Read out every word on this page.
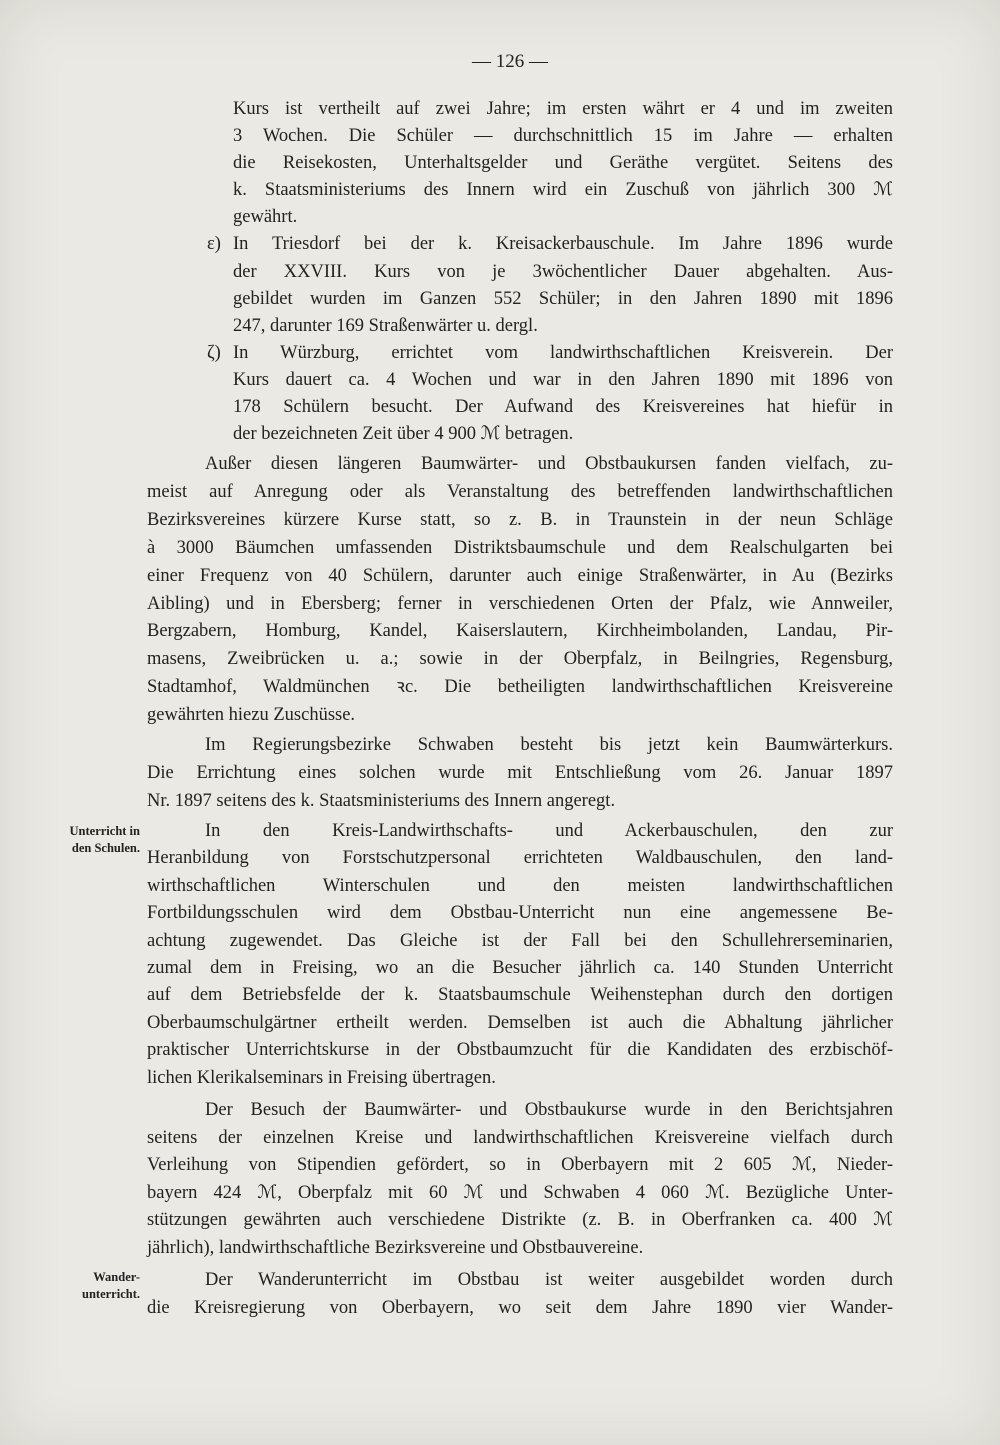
— 126 —
Kurs ist vertheilt auf zwei Jahre; im ersten währt er 4 und im zweiten
3 Wochen. Die Schüler — durchschnittlich 15 im Jahre — erhalten
die Reisekosten, Unterhaltsgelder und Geräthe vergütet. Seitens des
k. Staatsministeriums des Innern wird ein Zuschuß von jährlich 300 ℳ
gewährt.
ε) In Triesdorf bei der k. Kreisackerbauschule. Im Jahre 1896 wurde
der XXVIII. Kurs von je 3wöchentlicher Dauer abgehalten. Aus-
gebildet wurden im Ganzen 552 Schüler; in den Jahren 1890 mit 1896
247, darunter 169 Straßenwärter u. dergl.
ζ) In Würzburg, errichtet vom landwirthschaftlichen Kreisverein. Der
Kurs dauert ca. 4 Wochen und war in den Jahren 1890 mit 1896 von
178 Schülern besucht. Der Aufwand des Kreisvereines hat hiefür in
der bezeichneten Zeit über 4 900 ℳ betragen.
Außer diesen längeren Baumwärter- und Obstbaukursen fanden vielfach, zu-
meist auf Anregung oder als Veranstaltung des betreffenden landwirthschaftlichen
Bezirksvereines kürzere Kurse statt, so z. B. in Traunstein in der neun Schläge
à 3000 Bäumchen umfassenden Distriktsbaumschule und dem Realschulgarten bei
einer Frequenz von 40 Schülern, darunter auch einige Straßenwärter, in Au (Bezirks
Aibling) und in Ebersberg; ferner in verschiedenen Orten der Pfalz, wie Annweiler,
Bergzabern, Homburg, Kandel, Kaiserslautern, Kirchheimbolanden, Landau, Pir-
masens, Zweibrücken u. a.; sowie in der Oberpfalz, in Beilngries, Regensburg,
Stadtamhof, Waldmünchen ꝛc. Die betheiligten landwirthschaftlichen Kreisvereine
gewährten hiezu Zuschüsse.
Im Regierungsbezirke Schwaben besteht bis jetzt kein Baumwärterkurs.
Die Errichtung eines solchen wurde mit Entschließung vom 26. Januar 1897
Nr. 1897 seitens des k. Staatsministeriums des Innern angeregt.
Unterricht in
den Schulen.
In den Kreis-Landwirthschafts- und Ackerbauschulen, den zur
Heranbildung von Forstschutzpersonal errichteten Waldbauschulen, den land-
wirthschaftlichen Winterschulen und den meisten landwirthschaftlichen
Fortbildungsschulen wird dem Obstbau-Unterricht nun eine angemessene Be-
achtung zugewendet. Das Gleiche ist der Fall bei den Schullehrerseminarien,
zumal dem in Freising, wo an die Besucher jährlich ca. 140 Stunden Unterricht
auf dem Betriebsfelde der k. Staatsbaumschule Weihenstephan durch den dortigen
Oberbaumschulgärtner ertheilt werden. Demselben ist auch die Abhaltung jährlicher
praktischer Unterrichtskurse in der Obstbaumzucht für die Kandidaten des erzbischöf-
lichen Klerikalseminars in Freising übertragen.
Der Besuch der Baumwärter- und Obstbaukurse wurde in den Berichtsjahren
seitens der einzelnen Kreise und landwirthschaftlichen Kreisvereine vielfach durch
Verleihung von Stipendien gefördert, so in Oberbayern mit 2 605 ℳ, Nieder-
bayern 424 ℳ, Oberpfalz mit 60 ℳ und Schwaben 4 060 ℳ. Bezügliche Unter-
stützungen gewährten auch verschiedene Distrikte (z. B. in Oberfranken ca. 400 ℳ
jährlich), landwirthschaftliche Bezirksvereine und Obstbauvereine.
Wander-
unterricht.
Der Wanderunterricht im Obstbau ist weiter ausgebildet worden durch
die Kreisregierung von Oberbayern, wo seit dem Jahre 1890 vier Wander-
